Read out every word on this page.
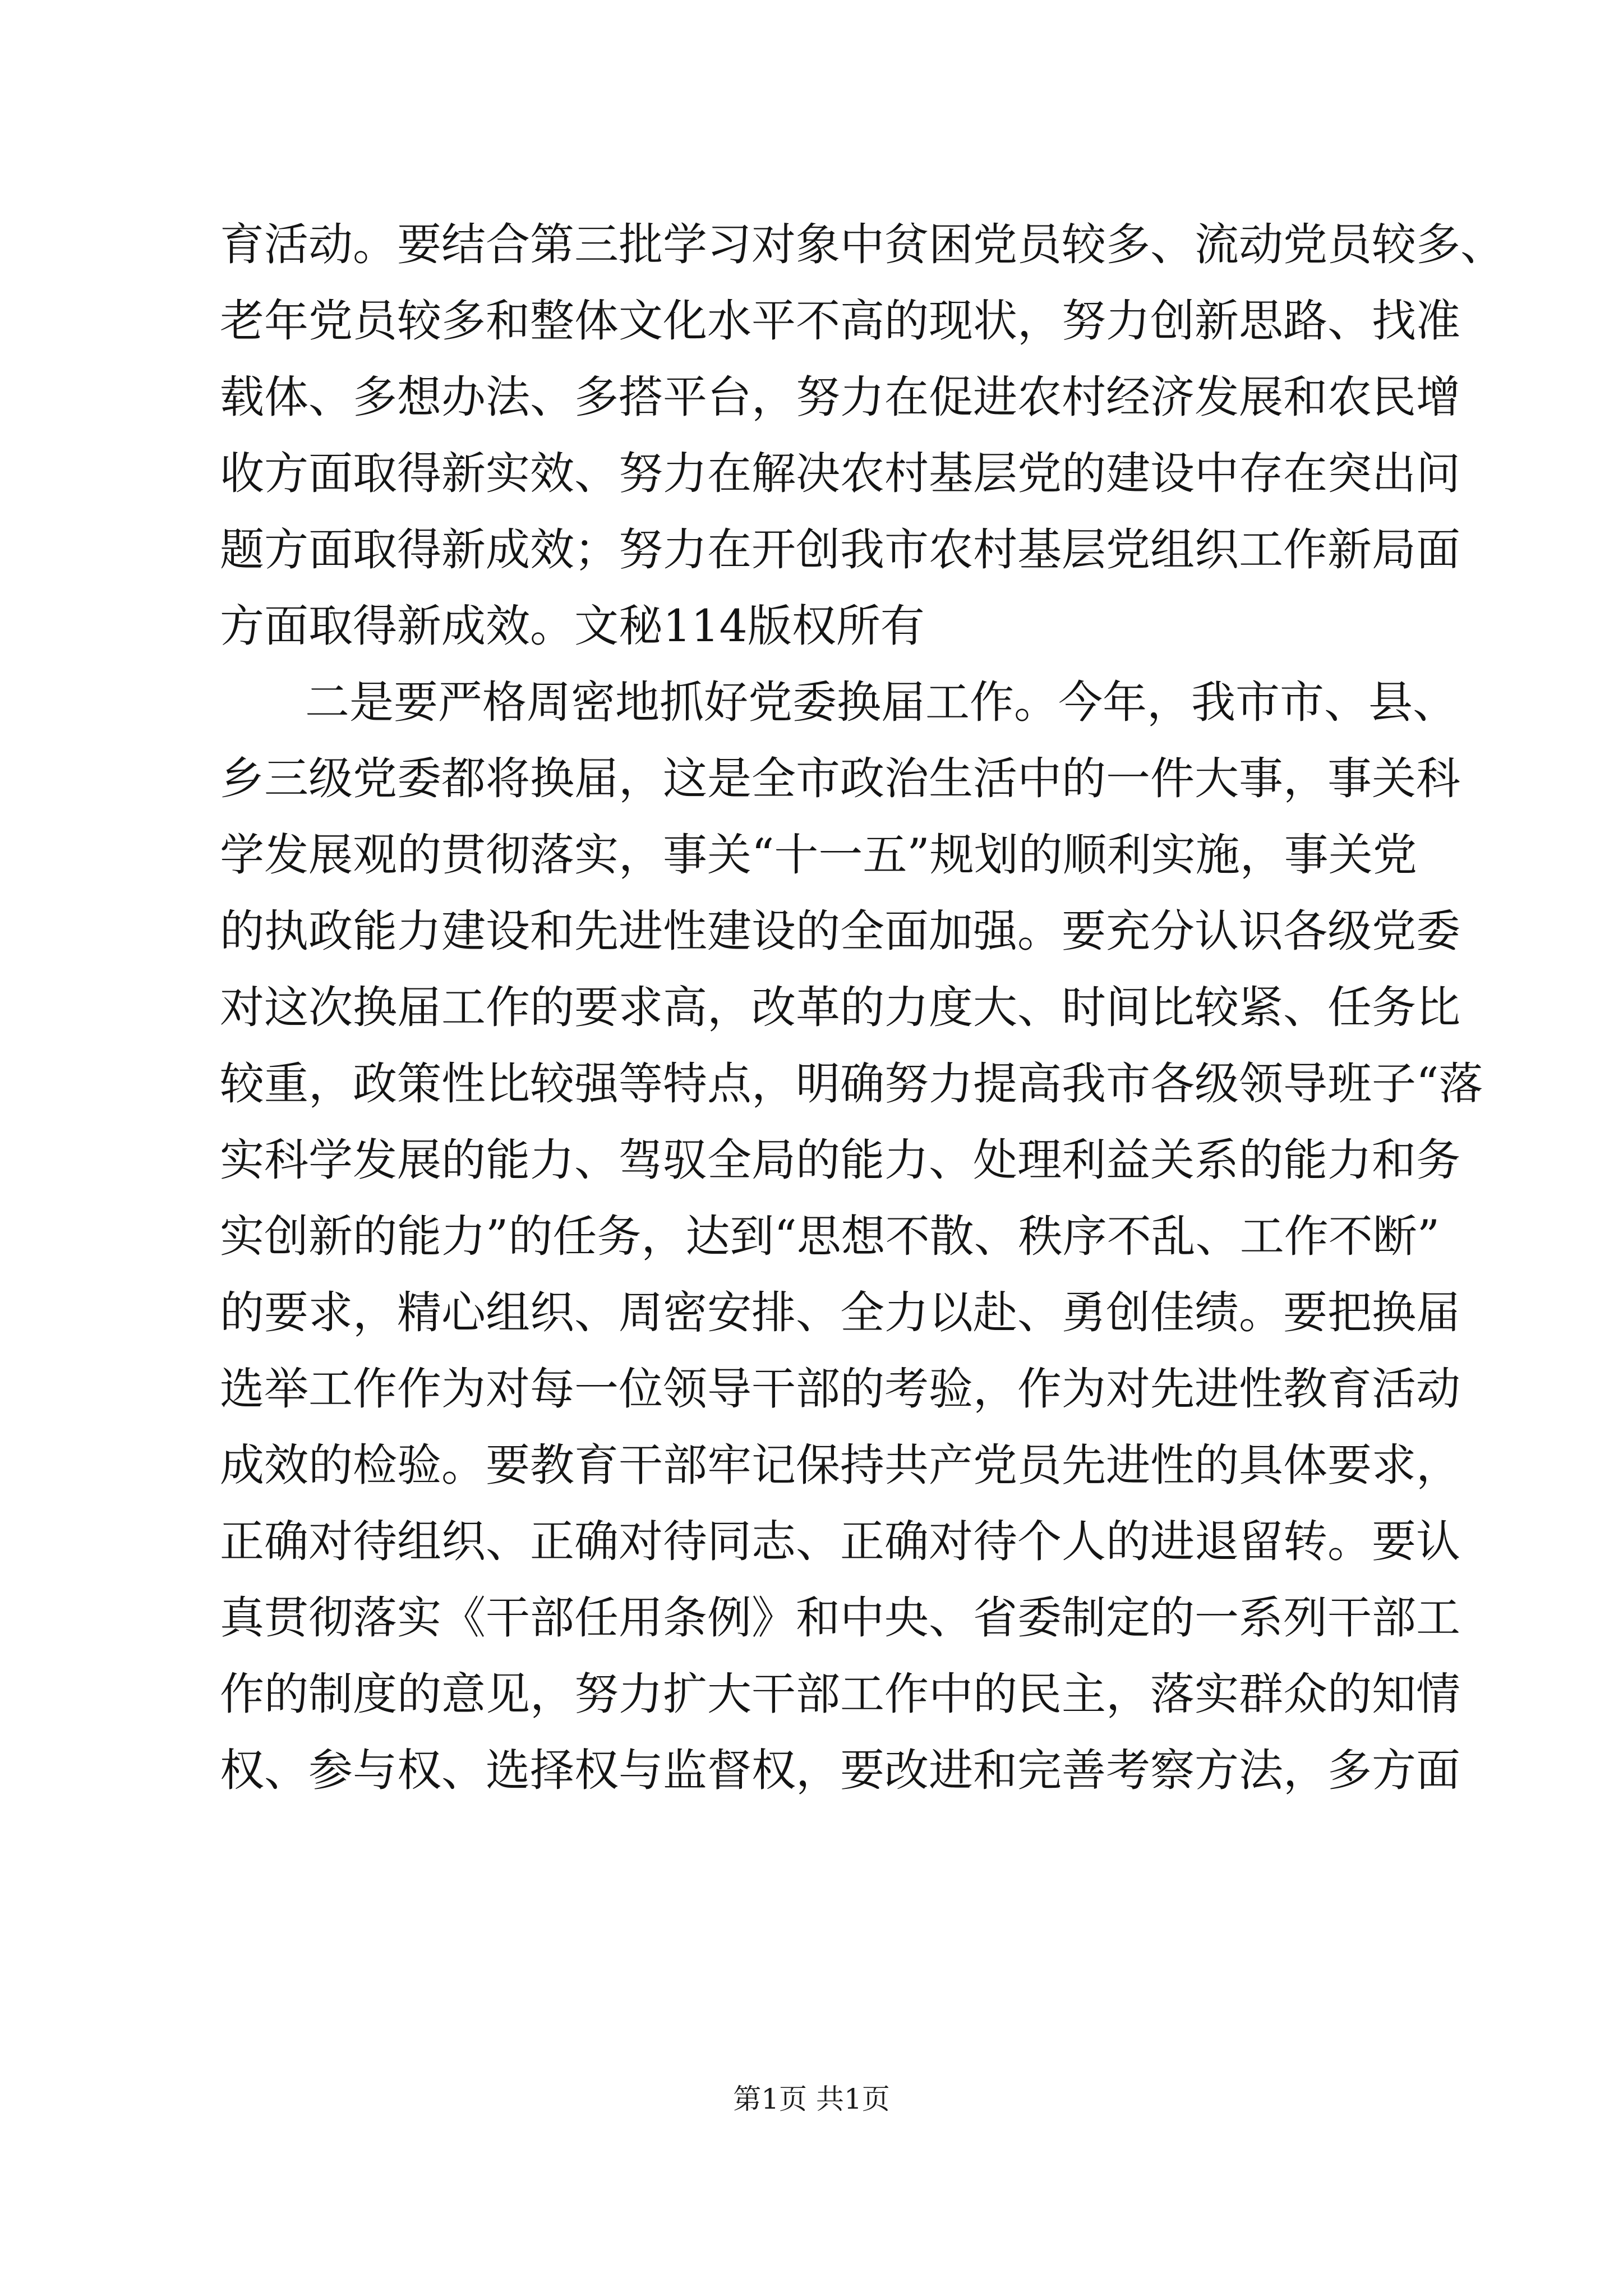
育活动。要结合第三批学习对象中贫困党员较多、流动党员较多、
老年党员较多和整体文化水平不高的现状，努力创新思路、找准
载体、多想办法、多搭平台，努力在促进农村经济发展和农民增
收方面取得新实效、努力在解决农村基层党的建设中存在突出问
题方面取得新成效；努力在开创我市农村基层党组织工作新局面
方面取得新成效。文秘114版权所有
二是要严格周密地抓好党委换届工作。今年，我市市、县、
乡三级党委都将换届，这是全市政治生活中的一件大事，事关科
学发展观的贯彻落实，事关“十一五”规划的顺利实施，事关党
的执政能力建设和先进性建设的全面加强。要充分认识各级党委
对这次换届工作的要求高，改革的力度大、时间比较紧、任务比
较重，政策性比较强等特点，明确努力提高我市各级领导班子“落
实科学发展的能力、驾驭全局的能力、处理利益关系的能力和务
实创新的能力”的任务，达到“思想不散、秩序不乱、工作不断”
的要求，精心组织、周密安排、全力以赴、勇创佳绩。要把换届
选举工作作为对每一位领导干部的考验，作为对先进性教育活动
成效的检验。要教育干部牢记保持共产党员先进性的具体要求，
正确对待组织、正确对待同志、正确对待个人的进退留转。要认
真贯彻落实《干部任用条例》和中央、省委制定的一系列干部工
作的制度的意见，努力扩大干部工作中的民主，落实群众的知情
权、参与权、选择权与监督权，要改进和完善考察方法，多方面
第1页 共1页
